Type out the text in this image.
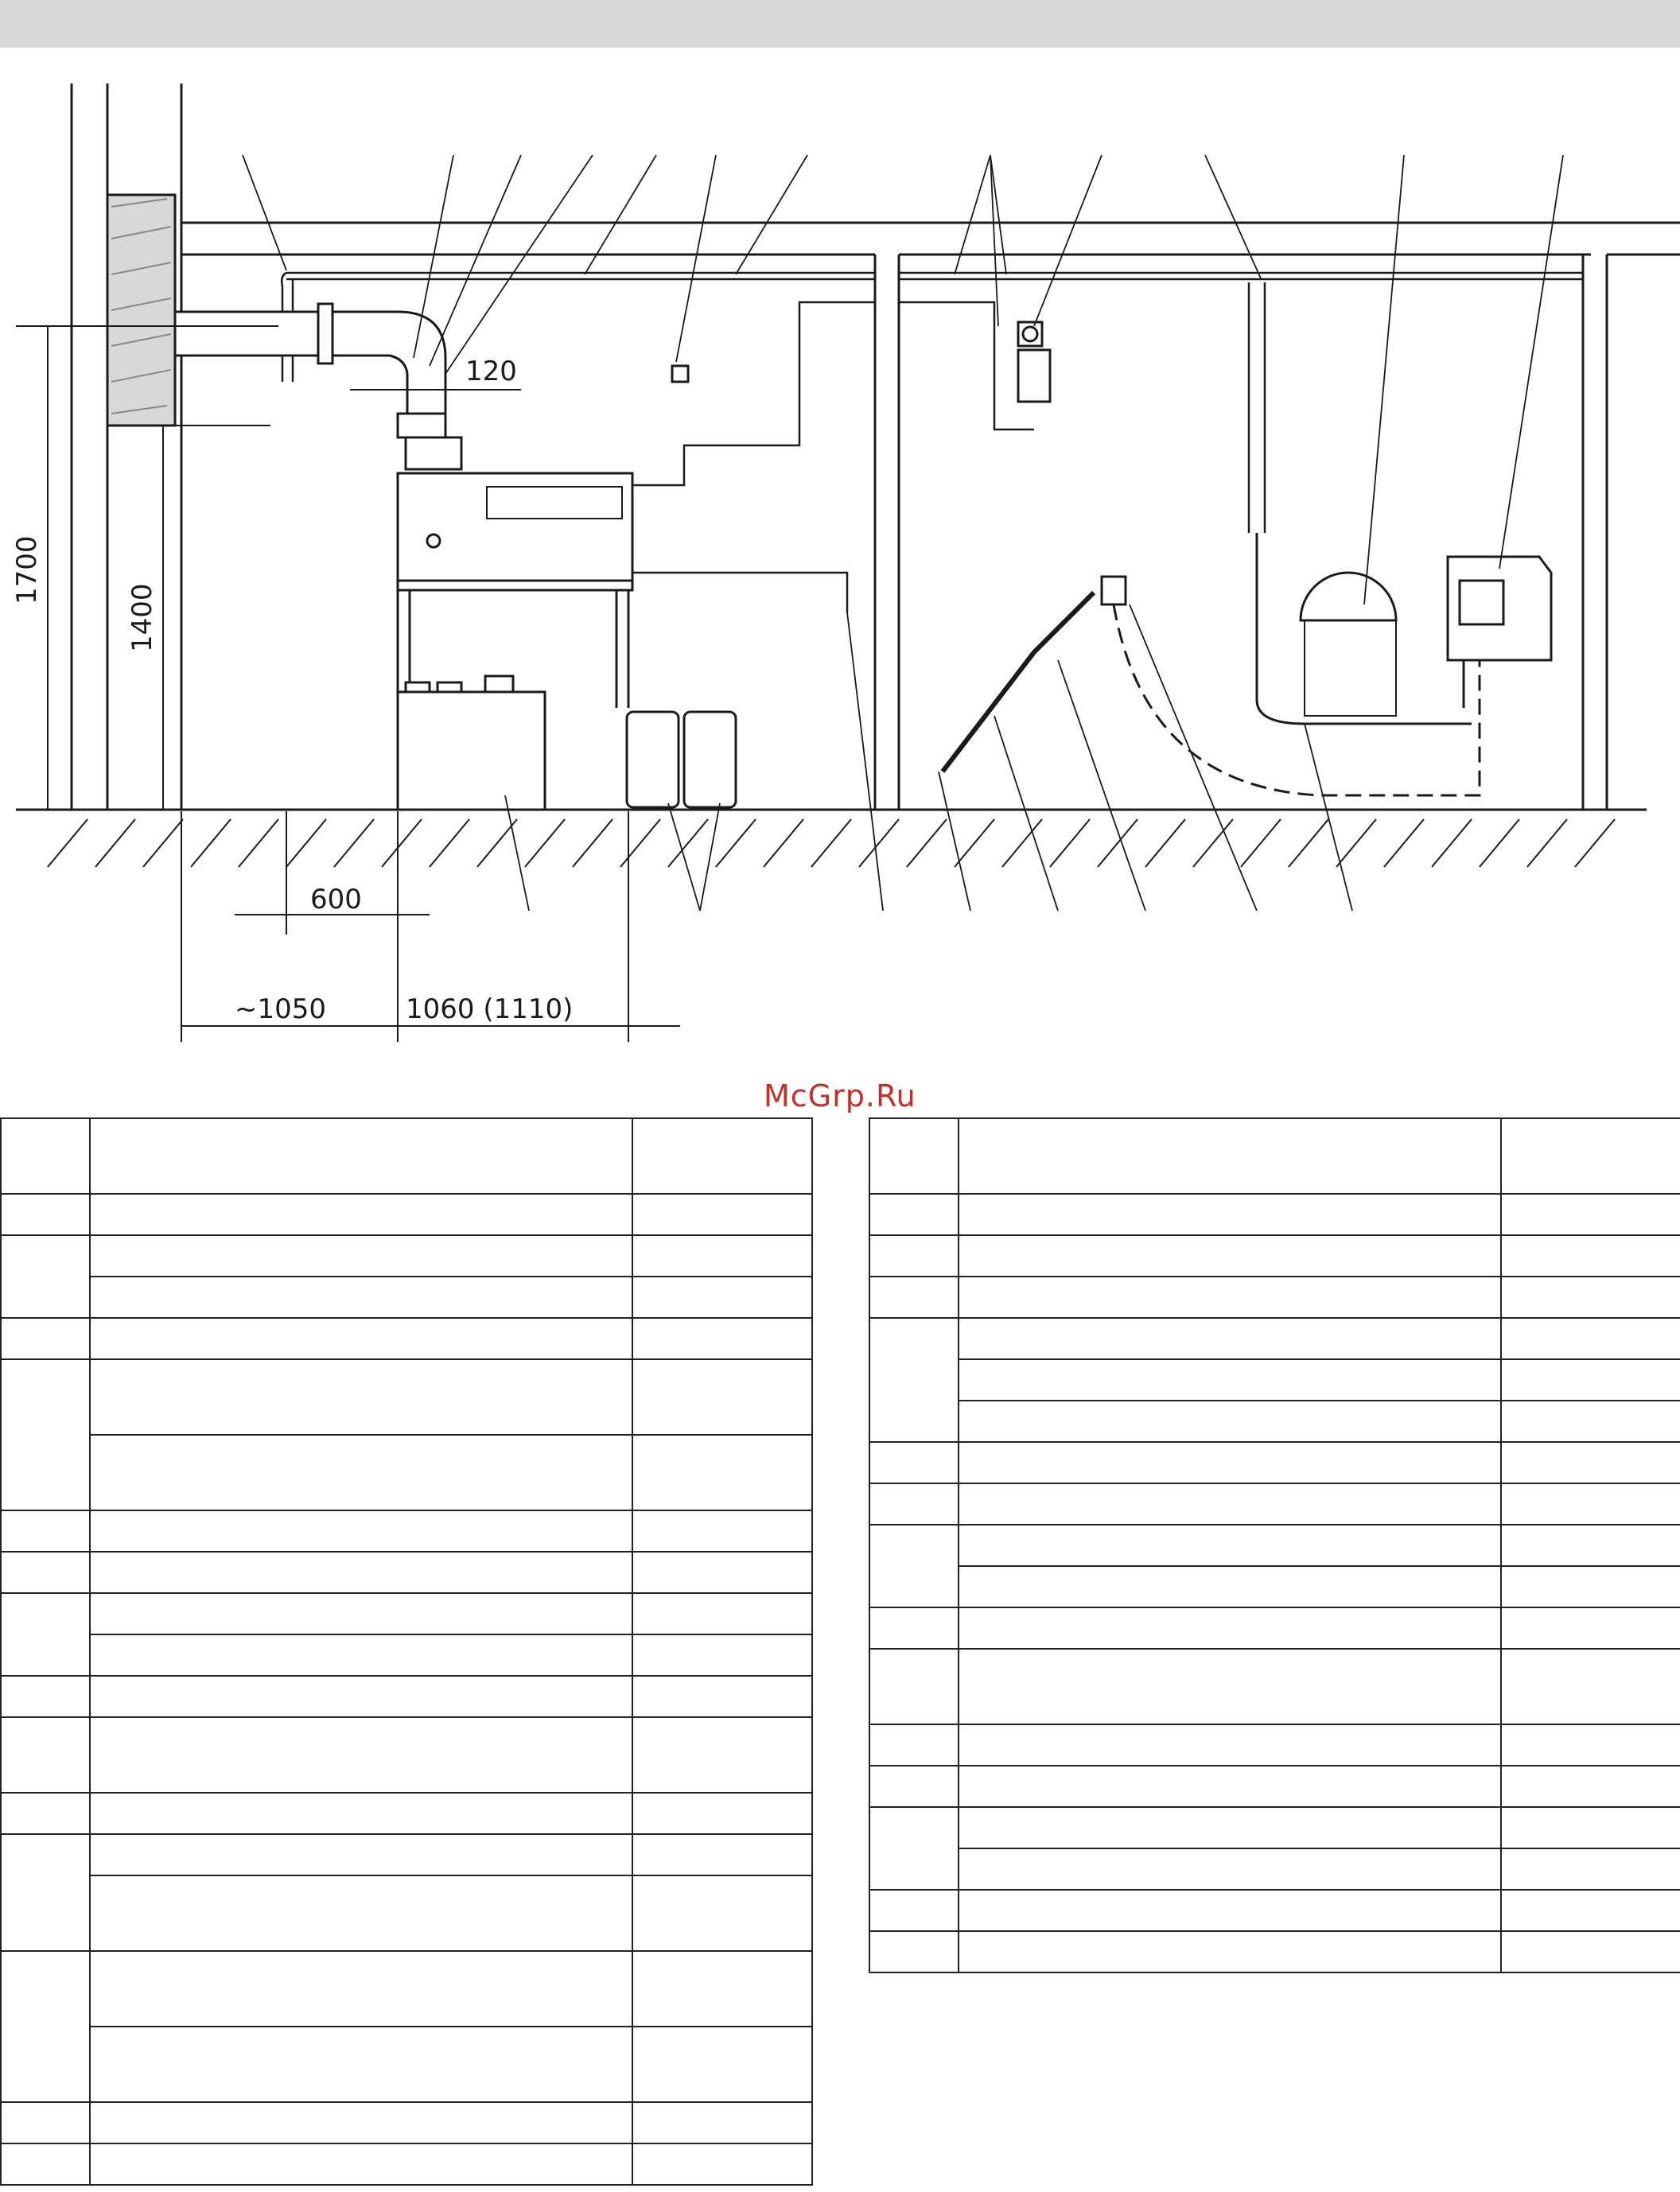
1700
1400
120
600
~1050	1060 (1110)
McGrp.Ru
